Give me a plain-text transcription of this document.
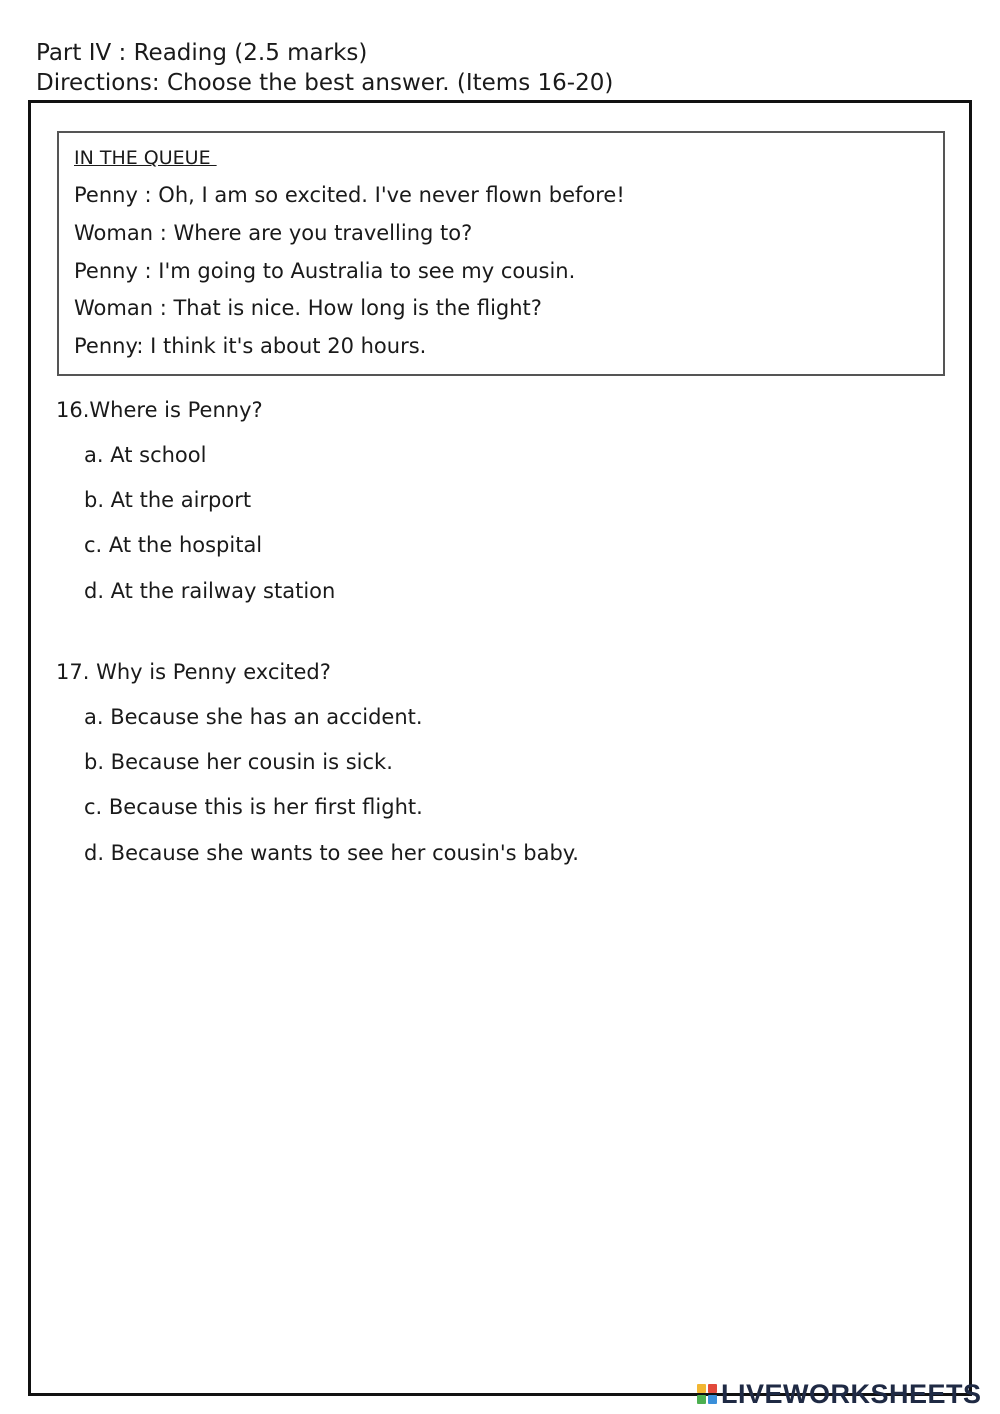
Part IV : Reading (2.5 marks)
Directions: Choose the best answer. (Items 16-20)
IN THE QUEUE
Penny : Oh, I am so excited. I've never flown before!
Woman : Where are you travelling to?
Penny : I'm going to Australia to see my cousin.
Woman : That is nice. How long is the flight?
Penny: I think it's about 20 hours.
16.Where is Penny?
a. At school
b. At the airport
c. At the hospital
d. At the railway station
17. Why is Penny excited?
a. Because she has an accident.
b. Because her cousin is sick.
c. Because this is her first flight.
d. Because she wants to see her cousin's baby.
LIVEWORKSHEETS
